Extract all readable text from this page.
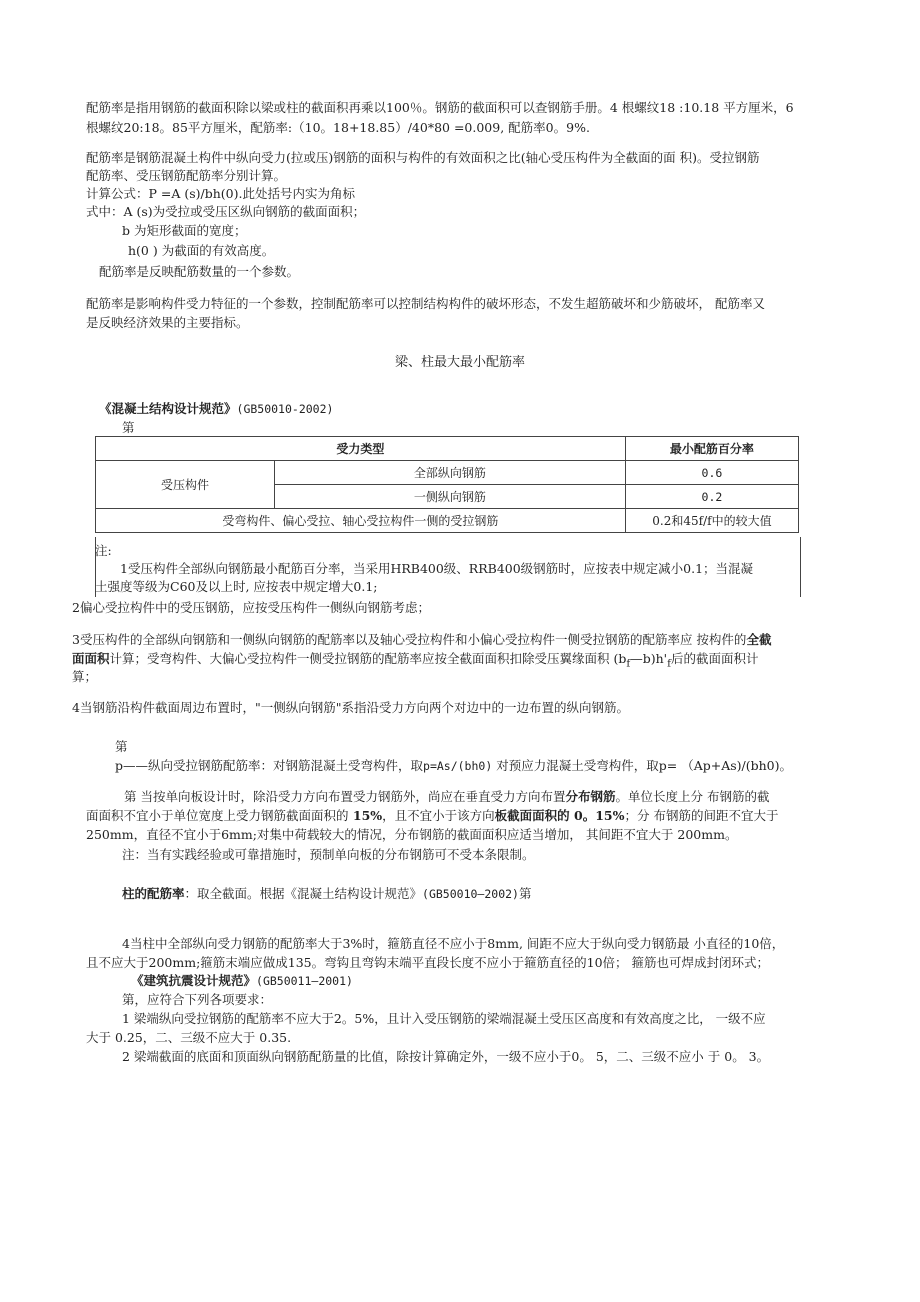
配筋率是指用钢筋的截面积除以梁或柱的截面积再乘以100％。钢筋的截面积可以查钢筋手册。4 根螺纹18 :10.18 平方厘米，6
根螺纹20:18。85平方厘米，配筋率:（10。18+18.85）/40*80 =0.009, 配筋率0。9%.
配筋率是钢筋混凝土构件中纵向受力(拉或压)钢筋的面积与构件的有效面积之比(轴心受压构件为全截面的面 积)。受拉钢筋
配筋率、受压钢筋配筋率分别计算。
计算公式：P =A (s)/bh(0).此处括号内实为角标
式中：A (s)为受拉或受压区纵向钢筋的截面面积；
b 为矩形截面的宽度；
h(0 ) 为截面的有效高度。
配筋率是反映配筋数量的一个参数。
配筋率是影响构件受力特征的一个参数，控制配筋率可以控制结构构件的破坏形态，不发生超筋破坏和少筋破坏， 配筋率又
是反映经济效果的主要指标。
梁、柱最大最小配筋率
《混凝土结构设计规范》(GB50010-2002)
第
受力类型		最小配筋百分率
受压构件	全部纵向钢筋	0.6
	一侧纵向钢筋	0.2
受弯构件、偏心受拉、轴心受拉构件一侧的受拉钢筋		0.2和45f/f中的较大值
注:
1受压构件全部纵向钢筋最小配筋百分率，当采用HRB400级、RRB400级钢筋时，应按表中规定减小0.1；当混凝
土强度等级为C60及以上时, 应按表中规定增大0.1;
2偏心受拉构件中的受压钢筋，应按受压构件一侧纵向钢筋考虑；
3受压构件的全部纵向钢筋和一侧纵向钢筋的配筋率以及轴心受拉构件和小偏心受拉构件一侧受拉钢筋的配筋率应 按构件的全截
面面积计算；受弯构件、大偏心受拉构件一侧受拉钢筋的配筋率应按全截面面积扣除受压翼缘面积 $(b_f—b)h'_f$后的截面面积计
算；
4当钢筋沿构件截面周边布置时，"一侧纵向钢筋"系指沿受力方向两个对边中的一边布置的纵向钢筋。
第
p——纵向受拉钢筋配筋率：对钢筋混凝土受弯构件，取p=As/(bh0) 对预应力混凝土受弯构件，取p= （Ap+As)/(bh0)。
第 当按单向板设计时，除沿受力方向布置受力钢筋外，尚应在垂直受力方向布置分布钢筋。单位长度上分 布钢筋的截
面面积不宜小于单位宽度上受力钢筋截面面积的 15%，且不宜小于该方向板截面面积的 0。15%；分 布钢筋的间距不宜大于
250mm，直径不宜小于6mm;对集中荷载较大的情况，分布钢筋的截面面积应适当增加， 其间距不宜大于 200mm。
注：当有实践经验或可靠措施时，预制单向板的分布钢筋可不受本条限制。
柱的配筋率：取全截面。根据《混凝土结构设计规范》(GB50010—2002)第
4当柱中全部纵向受力钢筋的配筋率大于3%时，箍筋直径不应小于8mm, 间距不应大于纵向受力钢筋最 小直径的10倍，
且不应大于200mm;箍筋末端应做成135。弯钩且弯钩末端平直段长度不应小于箍筋直径的10倍； 箍筋也可焊成封闭环式；
《建筑抗震设计规范》(GB50011—2001)
第，应符合下列各项要求：
1 梁端纵向受拉钢筋的配筋率不应大于2。5%，且计入受压钢筋的梁端混凝土受压区高度和有效高度之比， 一级不应
大于 0.25，二、三级不应大于 0.35.
2 梁端截面的底面和顶面纵向钢筋配筋量的比值，除按计算确定外，一级不应小于0。 5，二、三级不应小 于 0。 3。
